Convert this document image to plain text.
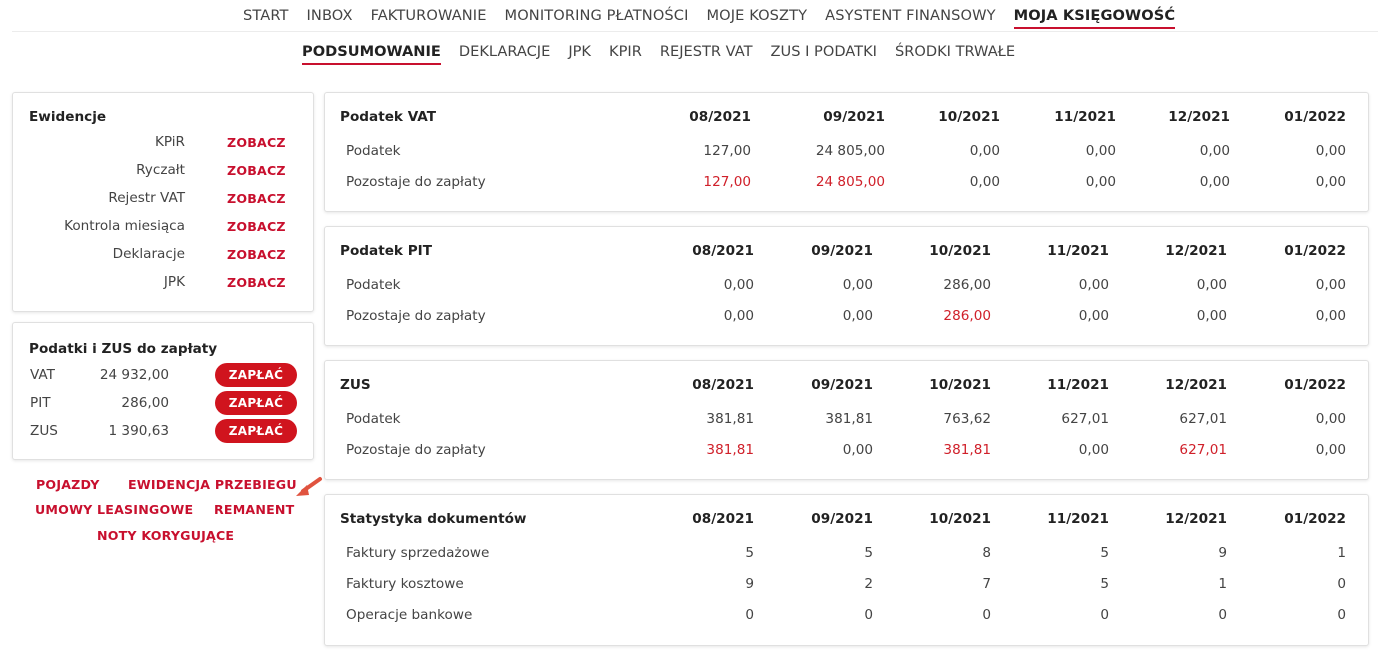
START INBOX FAKTUROWANIE MONITORING PŁATNOŚCI MOJE KOSZTY ASYSTENT FINANSOWY MOJA KSIĘGOWOŚĆ
PODSUMOWANIE DEKLARACJE JPK KPIR REJESTR VAT ZUS I PODATKI ŚRODKI TRWAŁE
Ewidencje
KPiR	ZOBACZ
Ryczałt	ZOBACZ
Rejestr VAT	ZOBACZ
Kontrola miesiąca	ZOBACZ
Deklaracje	ZOBACZ
JPK	ZOBACZ
Podatki i ZUS do zapłaty
VAT	24 932,00	ZAPŁAĆ
PIT	286,00	ZAPŁAĆ
ZUS	1 390,63	ZAPŁAĆ
POJAZDY EWIDENCJA PRZEBIEGU
UMOWY LEASINGOWE REMANENT
NOTY KORYGUJĄCE
Podatek VAT	08/2021	09/2021	10/2021	11/2021	12/2021	01/2022
Podatek	127,00	24 805,00	0,00	0,00	0,00	0,00
Pozostaje do zapłaty	127,00	24 805,00	0,00	0,00	0,00	0,00
Podatek PIT	08/2021	09/2021	10/2021	11/2021	12/2021	01/2022
Podatek	0,00	0,00	286,00	0,00	0,00	0,00
Pozostaje do zapłaty	0,00	0,00	286,00	0,00	0,00	0,00
ZUS	08/2021	09/2021	10/2021	11/2021	12/2021	01/2022
Podatek	381,81	381,81	763,62	627,01	627,01	0,00
Pozostaje do zapłaty	381,81	0,00	381,81	0,00	627,01	0,00
Statystyka dokumentów	08/2021	09/2021	10/2021	11/2021	12/2021	01/2022
Faktury sprzedażowe	5	5	8	5	9	1
Faktury kosztowe	9	2	7	5	1	0
Operacje bankowe	0	0	0	0	0	0
